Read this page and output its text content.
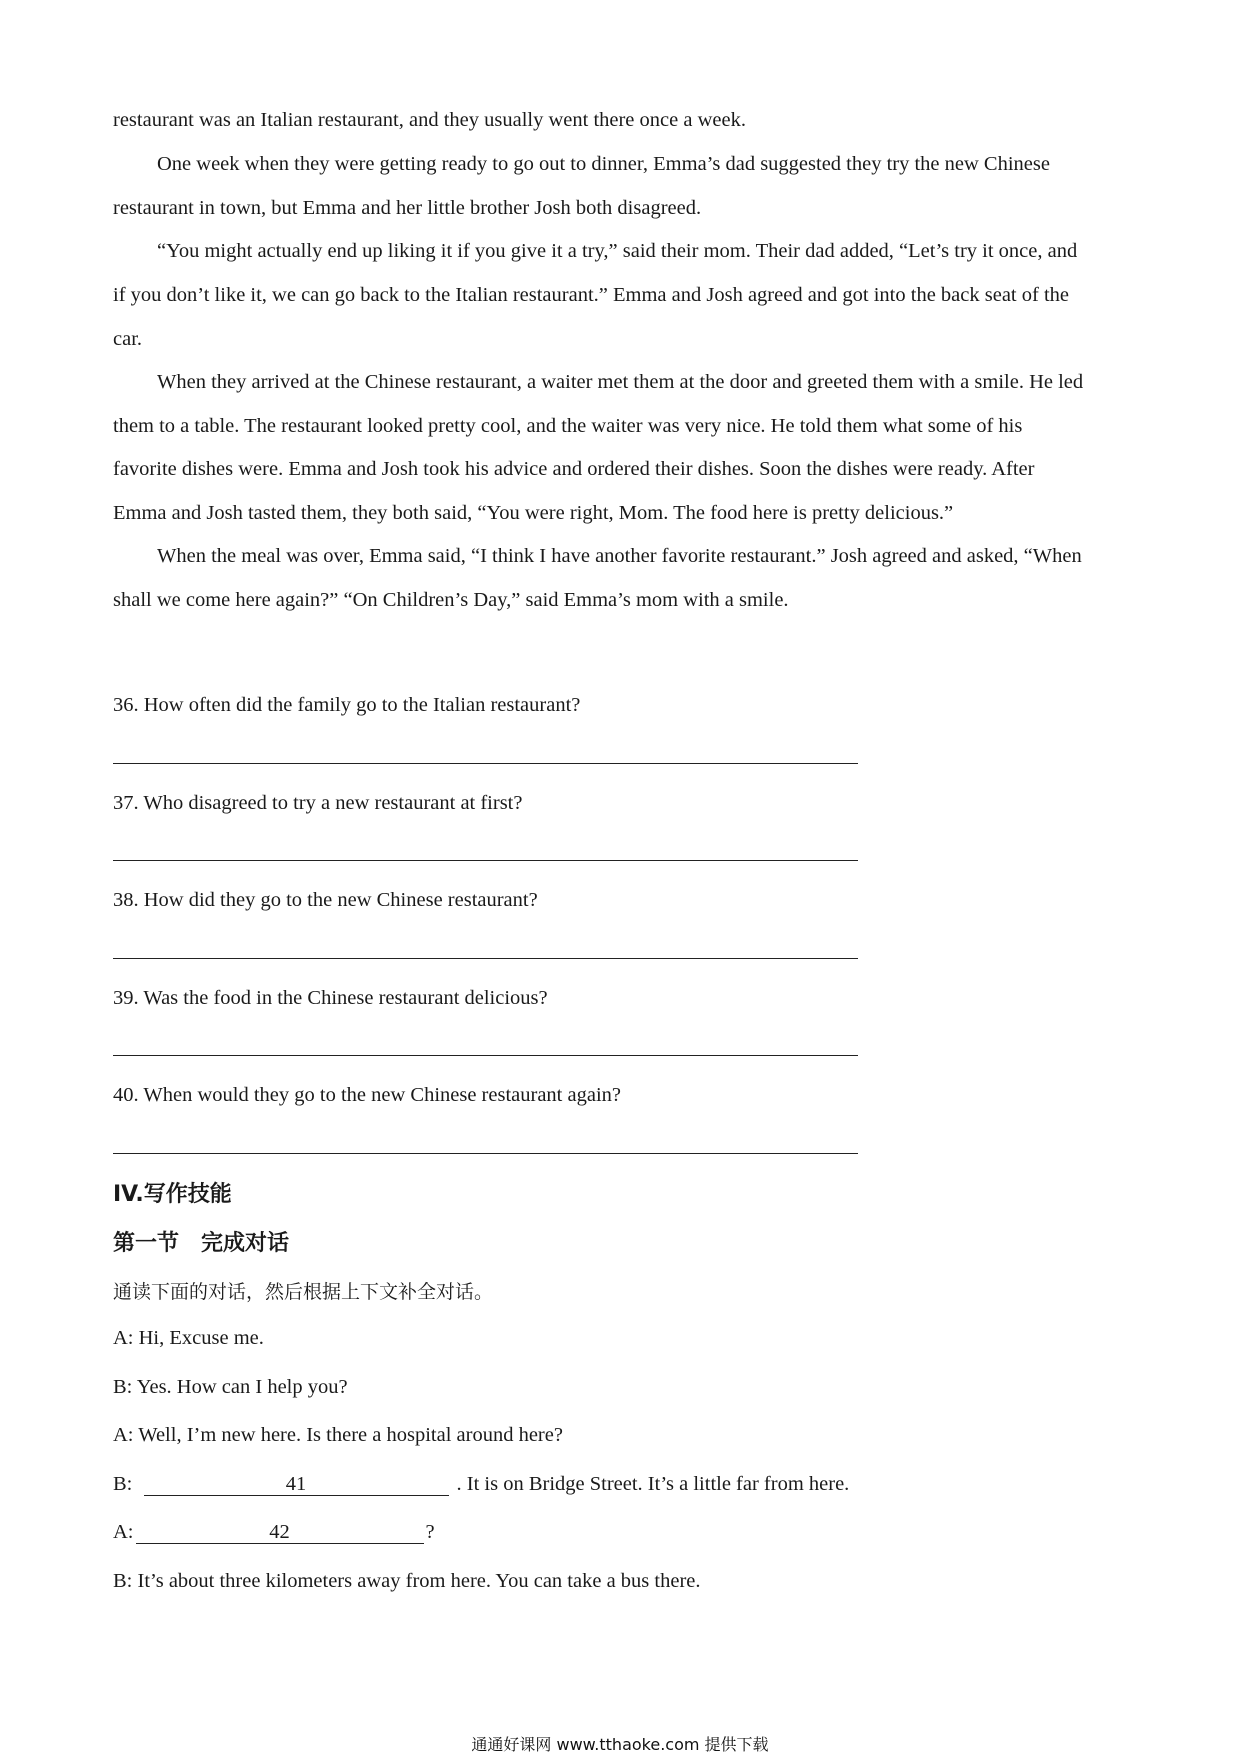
restaurant was an Italian restaurant, and they usually went there once a week.

One week when they were getting ready to go out to dinner, Emma’s dad suggested they try the new Chinese

restaurant in town, but Emma and her little brother Josh both disagreed.

“You might actually end up liking it if you give it a try,” said their mom. Their dad added, “Let’s try it once, and

if you don’t like it, we can go back to the Italian restaurant.” Emma and Josh agreed and got into the back seat of the

car.

When they arrived at the Chinese restaurant, a waiter met them at the door and greeted them with a smile. He led

them to a table. The restaurant looked pretty cool, and the waiter was very nice. He told them what some of his

favorite dishes were. Emma and Josh took his advice and ordered their dishes. Soon the dishes were ready. After

Emma and Josh tasted them, they both said, “You were right, Mom. The food here is pretty delicious.”

When the meal was over, Emma said, “I think I have another favorite restaurant.” Josh agreed and asked, “When

shall we come here again?” “On Children’s Day,” said Emma’s mom with a smile.

36. How often did the family go to the Italian restaurant?

37. Who disagreed to try a new restaurant at first?

38. How did they go to the new Chinese restaurant?

39. Was the food in the Chinese restaurant delicious?

40. When would they go to the new Chinese restaurant again?

IV.写作技能

第一节　完成对话

通读下面的对话，然后根据上下文补全对话。

A: Hi, Excuse me.

B: Yes. How can I help you?

A: Well, I’m new here. Is there a hospital around here?

B:	41	. It is on Bridge Street. It’s a little far from here.

A:	42	?

B: It’s about three kilometers away from here. You can take a bus there.

通通好课网 www.tthaoke.com 提供下载
